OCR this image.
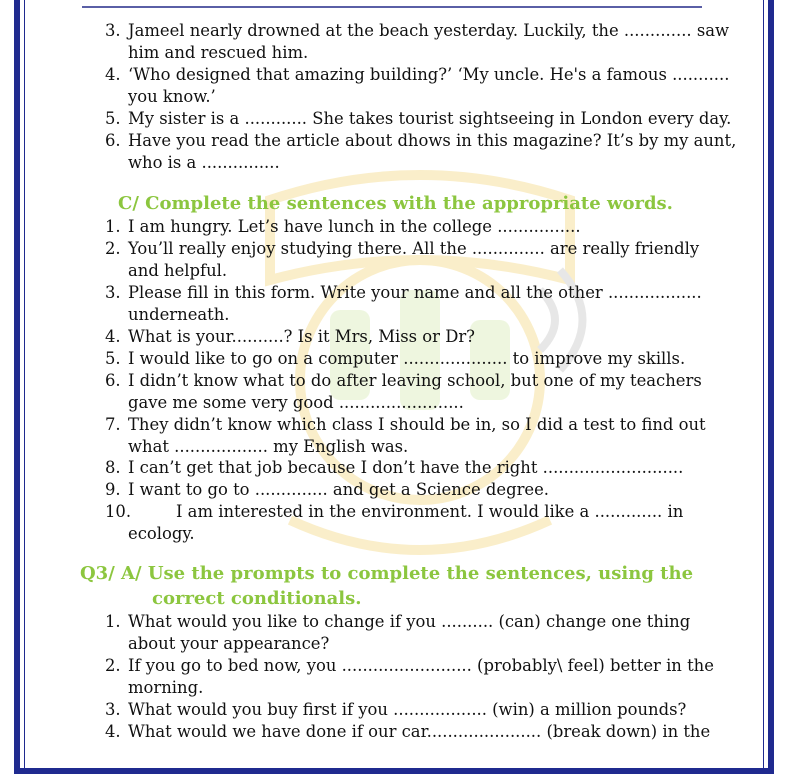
3. Jameel nearly drowned at the beach yesterday. Luckily, the ............. saw
him and rescued him.
4. ‘Who designed that amazing building?’ ‘My uncle. He's a famous ...........
you know.’
5. My sister is a ............ She takes tourist sightseeing in London every day.
6. Have you read the article about dhows in this magazine? It’s by my aunt,
who is a ...............
C/ Complete the sentences with the appropriate words.
1. I am hungry. Let’s have lunch in the college ................
2. You’ll really enjoy studying there. All the .............. are really friendly
and helpful.
3. Please fill in this form. Write your name and all the other ..................
underneath.
4. What is your..........? Is it Mrs, Miss or Dr?
5. I would like to go on a computer .................... to improve my skills.
6. I didn’t know what to do after leaving school, but one of my teachers
gave me some very good ........................
7. They didn’t know which class I should be in, so I did a test to find out
what .................. my English was.
8. I can’t get that job because I don’t have the right ...........................
9. I want to go to .............. and get a Science degree.
10.	I am interested in the environment. I would like a ............. in
ecology.
Q3/ A/ Use the prompts to complete the sentences, using the
correct conditionals.
1. What would you like to change if you .......... (can) change one thing
about your appearance?
2. If you go to bed now, you ......................... (probably\ feel) better in the
morning.
3. What would you buy first if you .................. (win) a million pounds?
4. What would we have done if our car...................... (break down) in the
